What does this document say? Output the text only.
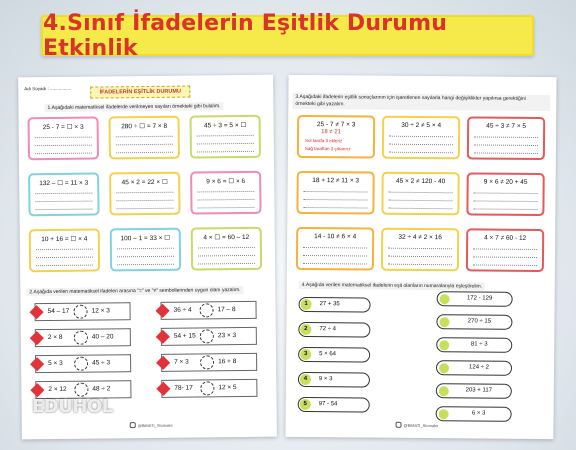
4.Sınıf İfadelerin Eşitlik Durumu Etkinlik
Adı Soyadı : .................
İFADELERİN EŞİTLİK DURUMU
1.Aşağıdaki matematiksel ifadelerde verilmeyen sayıları örnekteki gibi bulalım.
25 - 7 = ☐ × 3	280 ÷ ☐ = 7 × 8	45 ÷ 3 = 5 × ☐
132 – ☐ = 11 × 3	45 × 2 = 22 × ☐	9 × 6 = ☐ × 6
10 + 16 = ☐ × 4	100 – 1 = 33 × ☐	4 × ☐ = 60 – 12
2.Aşağıda verilen matematiksel ifadeleri arasına "=" ve "≠" sembollerinden uygun olanı yazalım.
54 – 17	12 × 3	36 ÷ 4	17 – 8
2 × 8	40 – 20	54 + 15	23 × 3
5 × 3	45 ÷ 3	7 × 3	16 + 8
2 × 12	48 ÷ 2	78- 17	12 × 5
@BiMATI_Stomake
3.Aşağıdaki ifadelerin eşitlik sonuçlarının için işaretlenen sayılarla hangi değişiklikler yapılırsa gerektiğini örnekteki gibi yazalım.
25 - 7 ≠ 7 × 3
18 ≠ 21
Sol tarafa 3 ekleriz
Sağ taraftan 3 çıkarırız
30 ÷ 2 ≠ 5 × 4	45 ÷ 3 ≠ 7 × 5
18 + 12 ≠ 11 × 3	45 × 2 ≠ 120 - 40	9 × 6 ≠ 20 + 45
14 - 10 ≠ 6 × 4	32 ÷ 4 ≠ 2 × 16	4 × 7 ≠ 60 - 12
4.Aşağıda verilen matematiksel ifadelerin eşit olanların numaralarıyla eşleştirelim.
1	27 + 35
2	72 ÷ 4
3	5 × 64
4	9 × 3
5	97 - 54
172 - 129
270 ÷ 15
81 ÷ 3
124 ÷ 2
203 + 117
6 × 3
@BiMATI_Stomake
EDUHOL
